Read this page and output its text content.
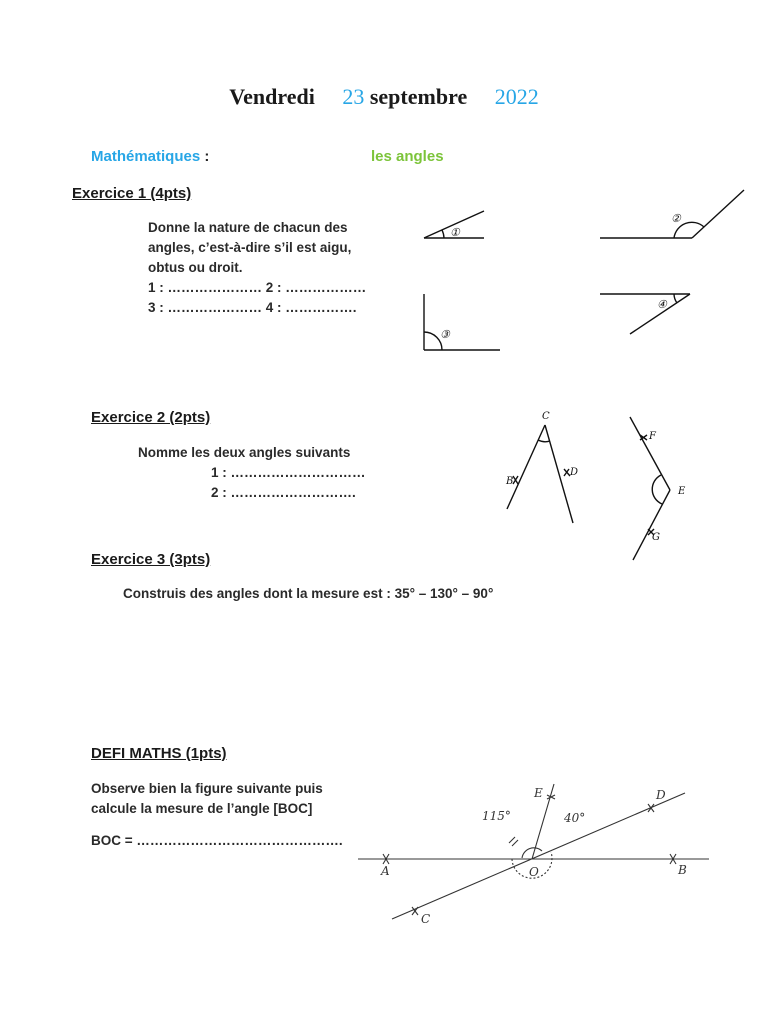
Vendredi 23 septembre 2022
Mathématiques :	les angles
Exercice 1 (4pts)
Donne la nature de chacun des
angles, c’est-à-dire s’il est aigu,
obtus ou droit.
1 : ………………… 2 : ………………
3 : ………………… 4 : …………….
①
②
③
④
Exercice 2 (2pts)
Nomme les deux angles suivants
1 : …………………………
2 : ……………………….
C
B
D
F
E
G
Exercice 3 (3pts)
Construis des angles dont la mesure est : 35° – 130° – 90°
DEFI MATHS (1pts)
Observe bien la figure suivante puis
calcule la mesure de l’angle [BOC]
BOC = ……………………………………….
115°	40°
E	D
A	O	B
C
